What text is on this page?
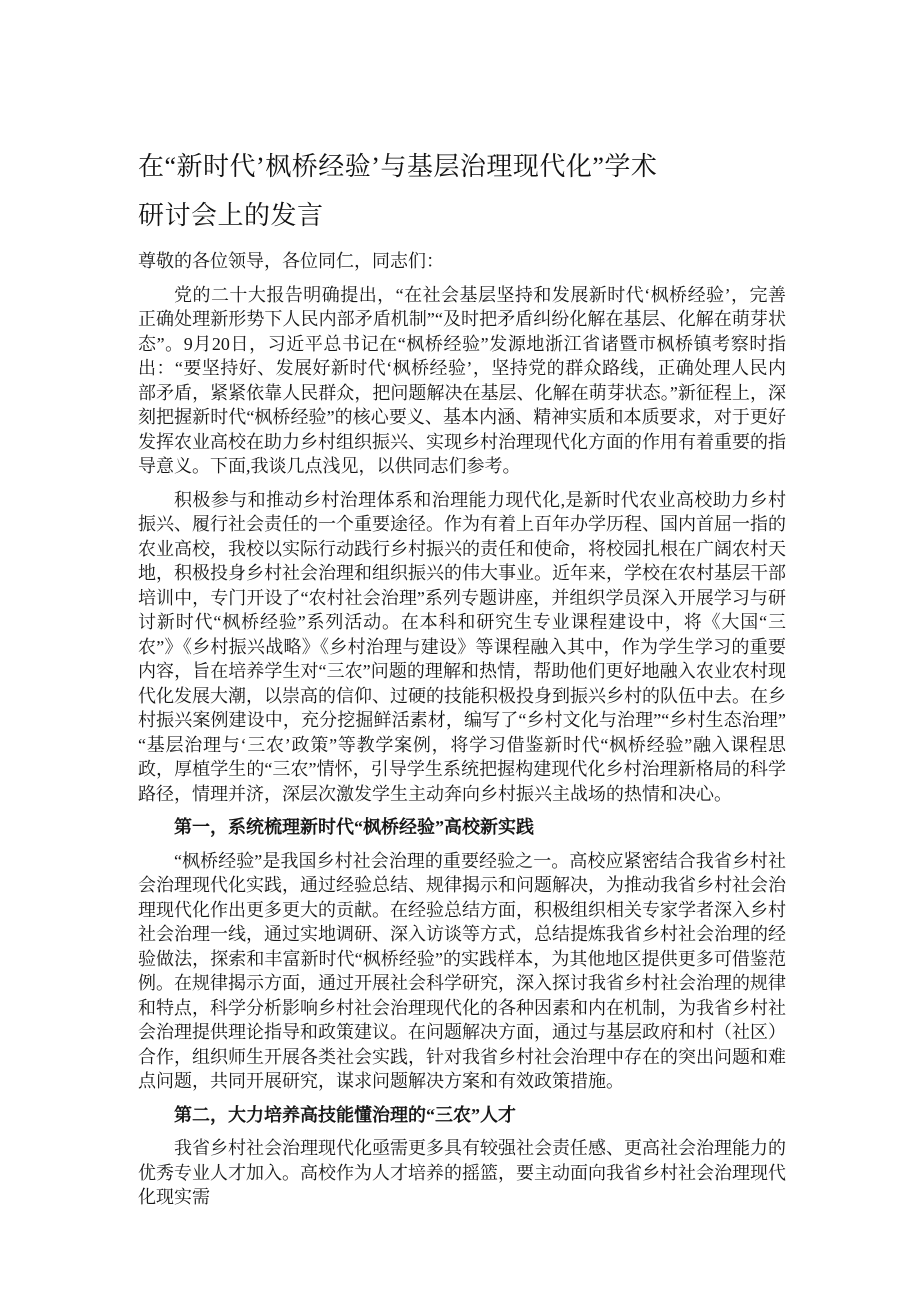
在“新时代’枫桥经验’与基层治理现代化”学术
研讨会上的发言

尊敬的各位领导，各位同仁，同志们：

党的二十大报告明确提出，“在社会基层坚持和发展新时代‘枫桥经验’，完善正确处理新形势下人民内部矛盾机制”“及时把矛盾纠纷化解在基层、化解在萌芽状态”。9月20日，习近平总书记在“枫桥经验”发源地浙江省诸暨市枫桥镇考察时指出：“要坚持好、发展好新时代‘枫桥经验’，坚持党的群众路线，正确处理人民内部矛盾，紧紧依靠人民群众，把问题解决在基层、化解在萌芽状态。”新征程上，深刻把握新时代“枫桥经验”的核心要义、基本内涵、精神实质和本质要求，对于更好发挥农业高校在助力乡村组织振兴、实现乡村治理现代化方面的作用有着重要的指导意义。下面,我谈几点浅见，以供同志们参考。

积极参与和推动乡村治理体系和治理能力现代化,是新时代农业高校助力乡村振兴、履行社会责任的一个重要途径。作为有着上百年办学历程、国内首屈一指的农业高校，我校以实际行动践行乡村振兴的责任和使命，将校园扎根在广阔农村天地，积极投身乡村社会治理和组织振兴的伟大事业。近年来，学校在农村基层干部培训中，专门开设了“农村社会治理”系列专题讲座，并组织学员深入开展学习与研讨新时代“枫桥经验”系列活动。在本科和研究生专业课程建设中，将《大国“三农”》《乡村振兴战略》《乡村治理与建设》等课程融入其中，作为学生学习的重要内容，旨在培养学生对“三农”问题的理解和热情，帮助他们更好地融入农业农村现代化发展大潮，以崇高的信仰、过硬的技能积极投身到振兴乡村的队伍中去。在乡村振兴案例建设中，充分挖掘鲜活素材，编写了“乡村文化与治理”“乡村生态治理”“基层治理与‘三农’政策”等教学案例，将学习借鉴新时代“枫桥经验”融入课程思政，厚植学生的“三农”情怀，引导学生系统把握构建现代化乡村治理新格局的科学路径，情理并济，深层次激发学生主动奔向乡村振兴主战场的热情和决心。

第一，系统梳理新时代“枫桥经验”高校新实践

“枫桥经验”是我国乡村社会治理的重要经验之一。高校应紧密结合我省乡村社会治理现代化实践，通过经验总结、规律揭示和问题解决，为推动我省乡村社会治理现代化作出更多更大的贡献。在经验总结方面，积极组织相关专家学者深入乡村社会治理一线，通过实地调研、深入访谈等方式，总结提炼我省乡村社会治理的经验做法，探索和丰富新时代“枫桥经验”的实践样本，为其他地区提供更多可借鉴范例。在规律揭示方面，通过开展社会科学研究，深入探讨我省乡村社会治理的规律和特点，科学分析影响乡村社会治理现代化的各种因素和内在机制，为我省乡村社会治理提供理论指导和政策建议。在问题解决方面，通过与基层政府和村（社区）合作，组织师生开展各类社会实践，针对我省乡村社会治理中存在的突出问题和难点问题，共同开展研究，谋求问题解决方案和有效政策措施。

第二，大力培养高技能懂治理的“三农”人才

我省乡村社会治理现代化亟需更多具有较强社会责任感、更高社会治理能力的优秀专业人才加入。高校作为人才培养的摇篮，要主动面向我省乡村社会治理现代化现实需
